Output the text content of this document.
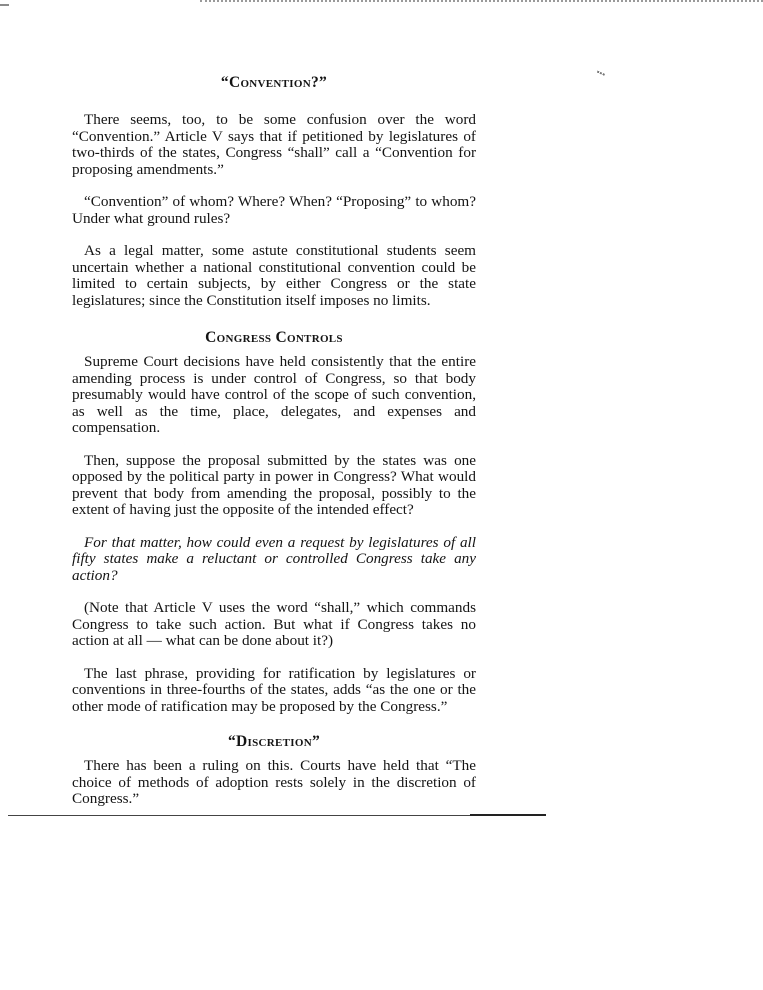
“Convention?”

There seems, too, to be some confusion over the word “Convention.” Article V says that if petitioned by legislatures of two-thirds of the states, Congress “shall” call a “Convention for proposing amendments.”

“Convention” of whom? Where? When? “Proposing” to whom? Under what ground rules?

As a legal matter, some astute constitutional students seem uncertain whether a national constitutional convention could be limited to certain subjects, by either Congress or the state legislatures; since the Constitution itself imposes no limits.

Congress Controls

Supreme Court decisions have held consistently that the entire amending process is under control of Congress, so that body presumably would have control of the scope of such convention, as well as the time, place, delegates, and expenses and compensation.

Then, suppose the proposal submitted by the states was one opposed by the political party in power in Congress? What would prevent that body from amending the proposal, possibly to the extent of having just the opposite of the intended effect?

For that matter, how could even a request by legislatures of all fifty states make a reluctant or controlled Congress take any action?

(Note that Article V uses the word “shall,” which commands Congress to take such action. But what if Congress takes no action at all — what can be done about it?)

The last phrase, providing for ratification by legislatures or conventions in three-fourths of the states, adds “as the one or the other mode of ratification may be proposed by the Congress.”

“Discretion”

There has been a ruling on this. Courts have held that “The choice of methods of adoption rests solely in the discretion of Congress.”
